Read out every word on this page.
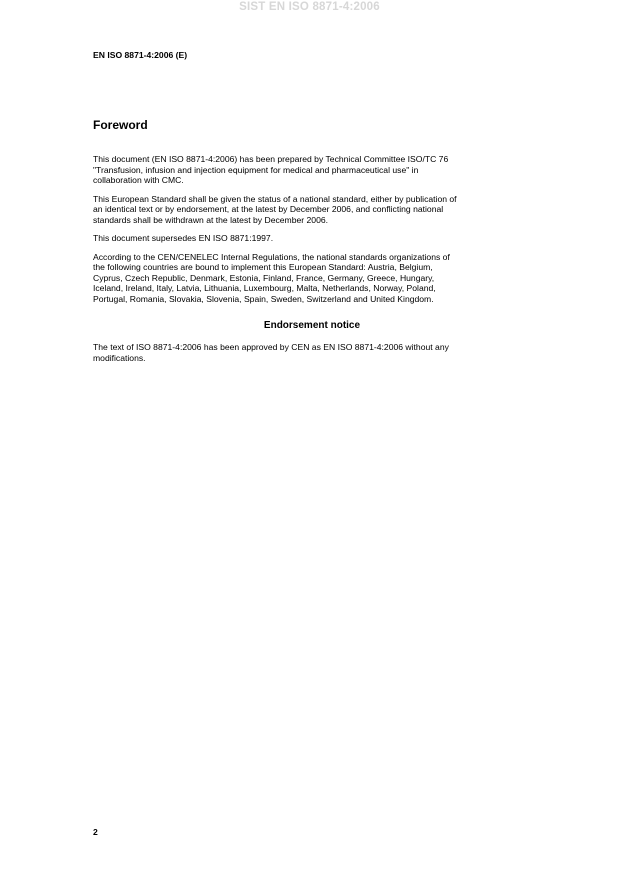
SIST EN ISO 8871-4:2006
EN ISO 8871-4:2006 (E)
Foreword

This document (EN ISO 8871-4:2006) has been prepared by Technical Committee ISO/TC 76
"Transfusion, infusion and injection equipment for medical and pharmaceutical use" in
collaboration with CMC.

This European Standard shall be given the status of a national standard, either by publication of
an identical text or by endorsement, at the latest by December 2006, and conflicting national
standards shall be withdrawn at the latest by December 2006.

This document supersedes EN ISO 8871:1997.

According to the CEN/CENELEC Internal Regulations, the national standards organizations of
the following countries are bound to implement this European Standard: Austria, Belgium,
Cyprus, Czech Republic, Denmark, Estonia, Finland, France, Germany, Greece, Hungary,
Iceland, Ireland, Italy, Latvia, Lithuania, Luxembourg, Malta, Netherlands, Norway, Poland,
Portugal, Romania, Slovakia, Slovenia, Spain, Sweden, Switzerland and United Kingdom.

Endorsement notice

The text of ISO 8871-4:2006 has been approved by CEN as EN ISO 8871-4:2006 without any
modifications.

2
